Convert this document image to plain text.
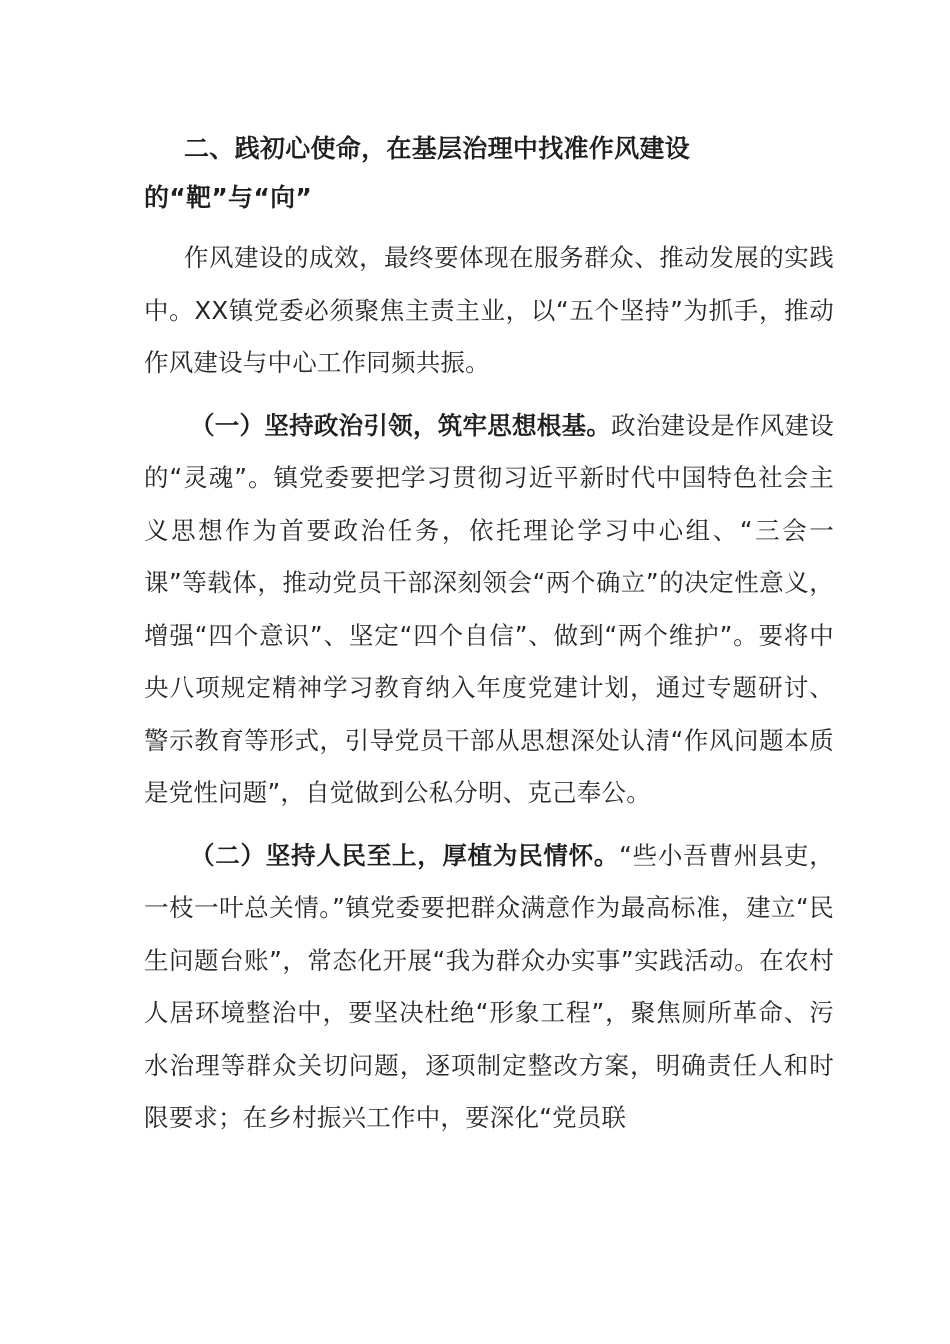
二、践初心使命，在基层治理中找准作风建设的“靶”与“向”

作风建设的成效，最终要体现在服务群众、推动发展的实践中。XX镇党委必须聚焦主责主业，以“五个坚持”为抓手，推动作风建设与中心工作同频共振。

（一）坚持政治引领，筑牢思想根基。政治建设是作风建设的“灵魂”。镇党委要把学习贯彻习近平新时代中国特色社会主义思想作为首要政治任务，依托理论学习中心组、“三会一课”等载体，推动党员干部深刻领会“两个确立”的决定性意义，增强“四个意识”、坚定“四个自信”、做到“两个维护”。要将中央八项规定精神学习教育纳入年度党建计划，通过专题研讨、警示教育等形式，引导党员干部从思想深处认清“作风问题本质是党性问题”，自觉做到公私分明、克己奉公。

（二）坚持人民至上，厚植为民情怀。“些小吾曹州县吏，一枝一叶总关情。”镇党委要把群众满意作为最高标准，建立“民生问题台账”，常态化开展“我为群众办实事”实践活动。在农村人居环境整治中，要坚决杜绝“形象工程”，聚焦厕所革命、污水治理等群众关切问题，逐项制定整改方案，明确责任人和时限要求；在乡村振兴工作中，要深化“党员联
